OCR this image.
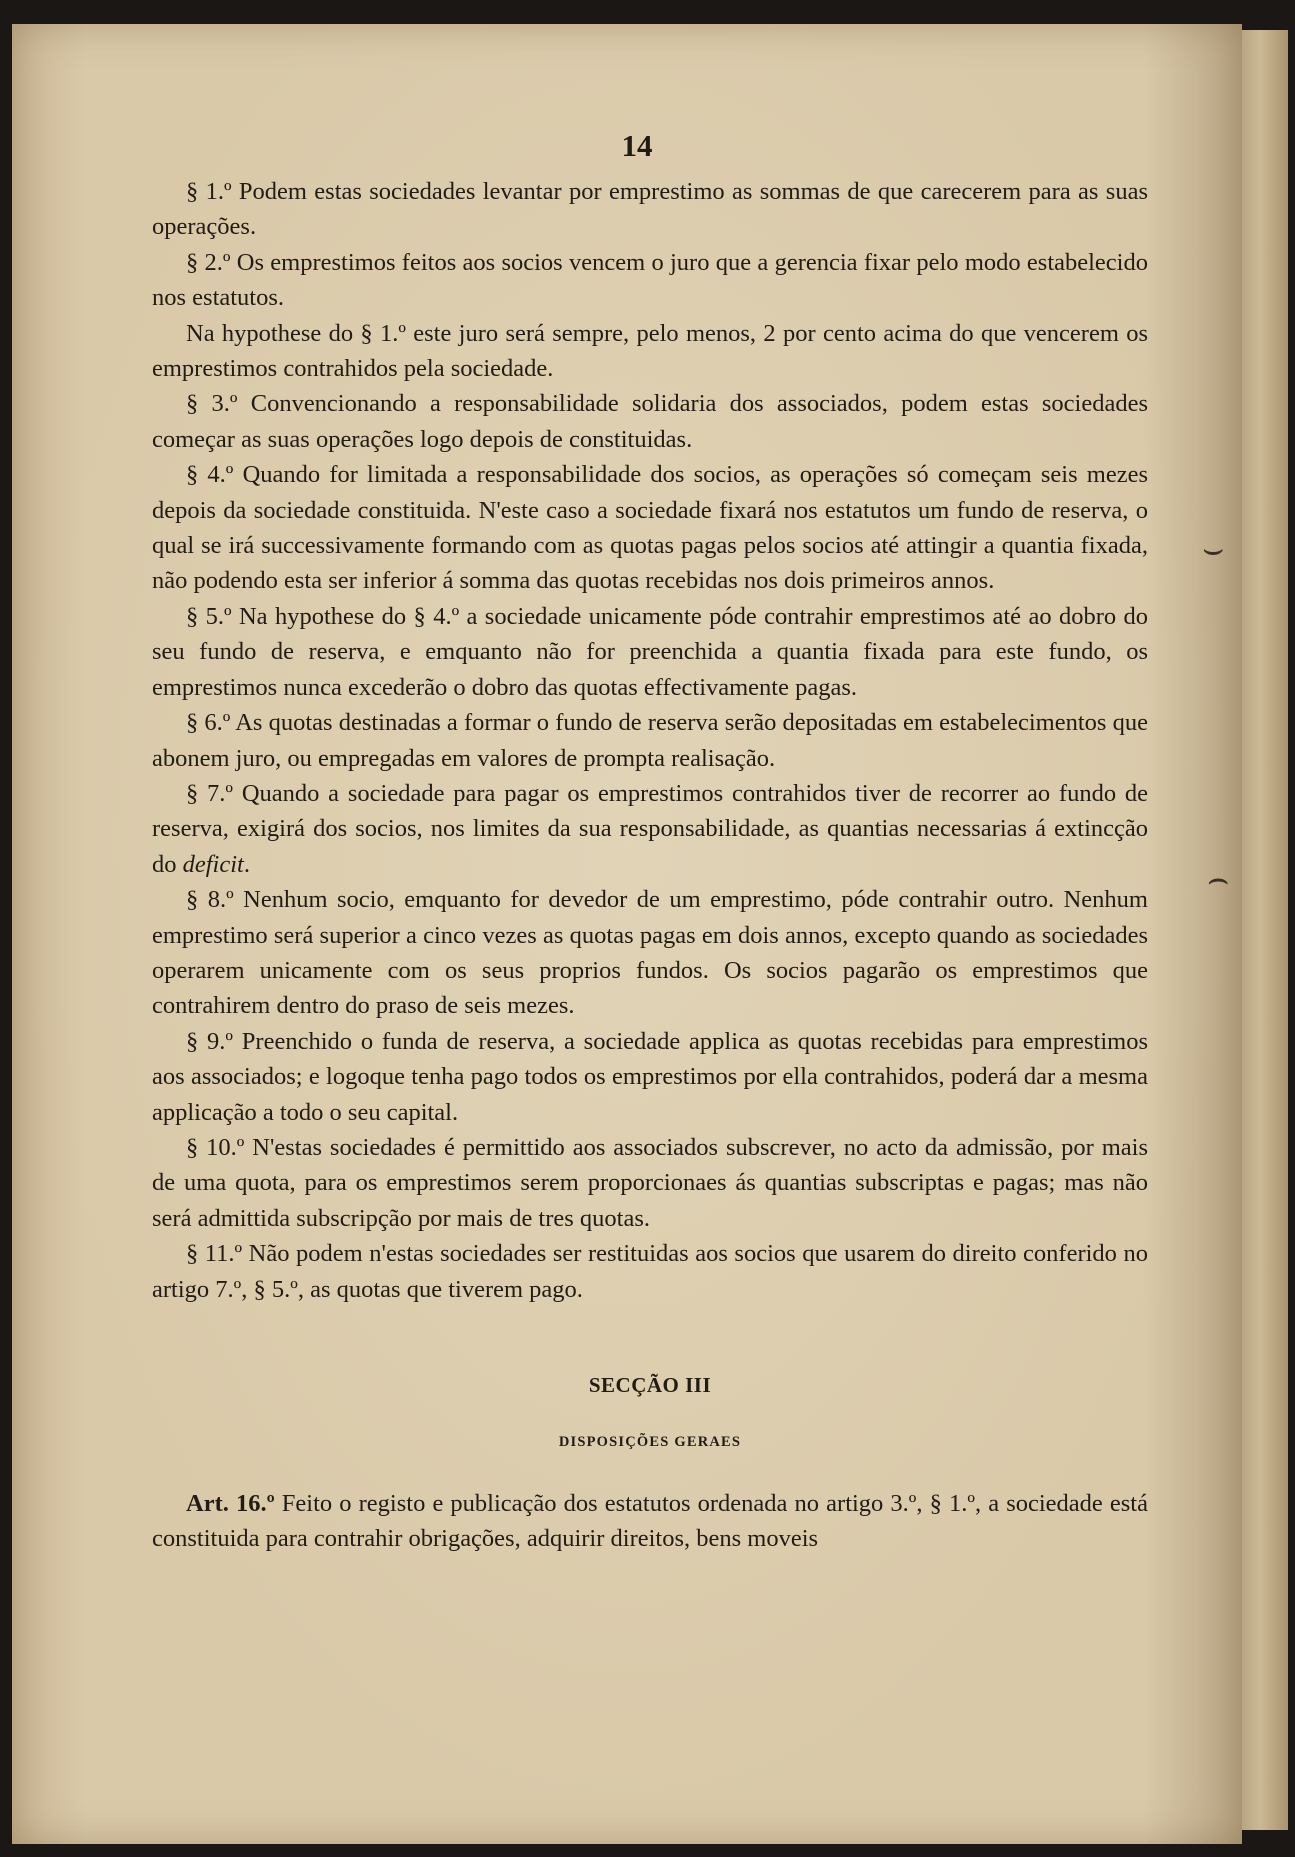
⌣
⌢
14

§ 1.º Podem estas sociedades levantar por emprestimo as sommas de que carecerem para as suas operações.

§ 2.º Os emprestimos feitos aos socios vencem o juro que a gerencia fixar pelo modo estabelecido nos estatutos.

Na hypothese do § 1.º este juro será sempre, pelo menos, 2 por cento acima do que vencerem os emprestimos contrahidos pela sociedade.

§ 3.º Convencionando a responsabilidade solidaria dos associados, podem estas sociedades começar as suas operações logo depois de constituidas.

§ 4.º Quando for limitada a responsabilidade dos socios, as operações só começam seis mezes depois da sociedade constituida. N'este caso a sociedade fixará nos estatutos um fundo de reserva, o qual se irá successivamente formando com as quotas pagas pelos socios até attingir a quantia fixada, não podendo esta ser inferior á somma das quotas recebidas nos dois primeiros annos.

§ 5.º Na hypothese do § 4.º a sociedade unicamente póde contrahir emprestimos até ao dobro do seu fundo de reserva, e emquanto não for preenchida a quantia fixada para este fundo, os emprestimos nunca excederão o dobro das quotas effectivamente pagas.

§ 6.º As quotas destinadas a formar o fundo de reserva serão depositadas em estabelecimentos que abonem juro, ou empregadas em valores de prompta realisação.

§ 7.º Quando a sociedade para pagar os emprestimos contrahidos tiver de recorrer ao fundo de reserva, exigirá dos socios, nos limites da sua responsabilidade, as quantias necessarias á extincção do deficit.

§ 8.º Nenhum socio, emquanto for devedor de um emprestimo, póde contrahir outro. Nenhum emprestimo será superior a cinco vezes as quotas pagas em dois annos, excepto quando as sociedades operarem unicamente com os seus proprios fundos. Os socios pagarão os emprestimos que contrahirem dentro do praso de seis mezes.

§ 9.º Preenchido o funda de reserva, a sociedade applica as quotas recebidas para emprestimos aos associados; e logoque tenha pago todos os emprestimos por ella contrahidos, poderá dar a mesma applicação a todo o seu capital.

§ 10.º N'estas sociedades é permittido aos associados subscrever, no acto da admissão, por mais de uma quota, para os emprestimos serem proporcionaes ás quantias subscriptas e pagas; mas não será admittida subscripção por mais de tres quotas.

§ 11.º Não podem n'estas sociedades ser restituidas aos socios que usarem do direito conferido no artigo 7.º, § 5.º, as quotas que tiverem pago.

SECÇÃO III
DISPOSIÇÕES GERAES

Art. 16.º Feito o registo e publicação dos estatutos ordenada no artigo 3.º, § 1.º, a sociedade está constituida para contrahir obrigações, adquirir direitos, bens moveis
